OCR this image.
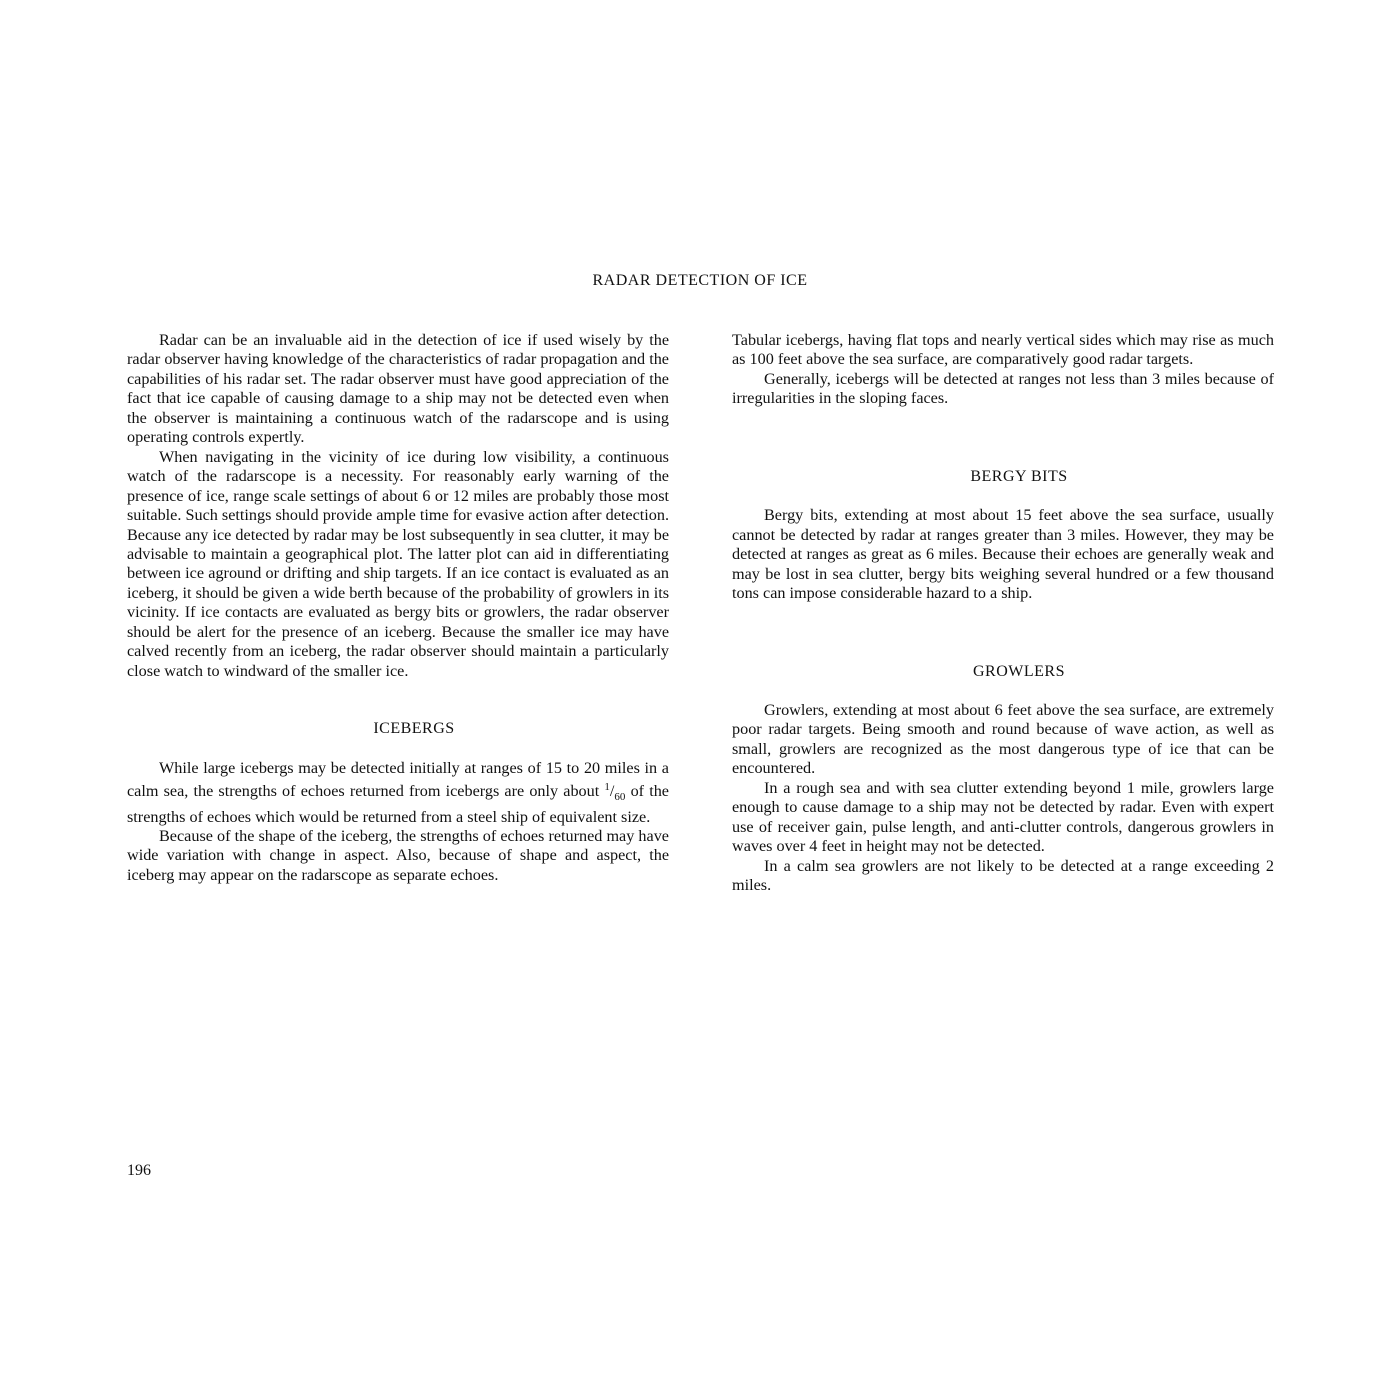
RADAR DETECTION OF ICE

Radar can be an invaluable aid in the detection of ice if used wisely by the radar observer having knowledge of the characteristics of radar propagation and the capabilities of his radar set. The radar observer must have good appreciation of the fact that ice capable of causing damage to a ship may not be detected even when the observer is maintaining a continuous watch of the radarscope and is using operating controls expertly.

When navigating in the vicinity of ice during low visibility, a continuous watch of the radarscope is a necessity. For reasonably early warning of the presence of ice, range scale settings of about 6 or 12 miles are probably those most suitable. Such settings should provide ample time for evasive action after detection. Because any ice detected by radar may be lost subsequently in sea clutter, it may be advisable to maintain a geographical plot. The latter plot can aid in differentiating between ice aground or drifting and ship targets. If an ice contact is evaluated as an iceberg, it should be given a wide berth because of the probability of growlers in its vicinity. If ice contacts are evaluated as bergy bits or growlers, the radar observer should be alert for the presence of an iceberg. Because the smaller ice may have calved recently from an iceberg, the radar observer should maintain a particularly close watch to windward of the smaller ice.

ICEBERGS

While large icebergs may be detected initially at ranges of 15 to 20 miles in a calm sea, the strengths of echoes returned from icebergs are only about $^1/_{60}$ of the strengths of echoes which would be returned from a steel ship of equivalent size.

Because of the shape of the iceberg, the strengths of echoes returned may have wide variation with change in aspect. Also, because of shape and aspect, the iceberg may appear on the radarscope as separate echoes.

Tabular icebergs, having flat tops and nearly vertical sides which may rise as much as 100 feet above the sea surface, are comparatively good radar targets.

Generally, icebergs will be detected at ranges not less than 3 miles because of irregularities in the sloping faces.

BERGY BITS

Bergy bits, extending at most about 15 feet above the sea surface, usually cannot be detected by radar at ranges greater than 3 miles. However, they may be detected at ranges as great as 6 miles. Because their echoes are generally weak and may be lost in sea clutter, bergy bits weighing several hundred or a few thousand tons can impose considerable hazard to a ship.

GROWLERS

Growlers, extending at most about 6 feet above the sea surface, are extremely poor radar targets. Being smooth and round because of wave action, as well as small, growlers are recognized as the most dangerous type of ice that can be encountered.

In a rough sea and with sea clutter extending beyond 1 mile, growlers large enough to cause damage to a ship may not be detected by radar. Even with expert use of receiver gain, pulse length, and anti-clutter controls, dangerous growlers in waves over 4 feet in height may not be detected.

In a calm sea growlers are not likely to be detected at a range exceeding 2 miles.

196
